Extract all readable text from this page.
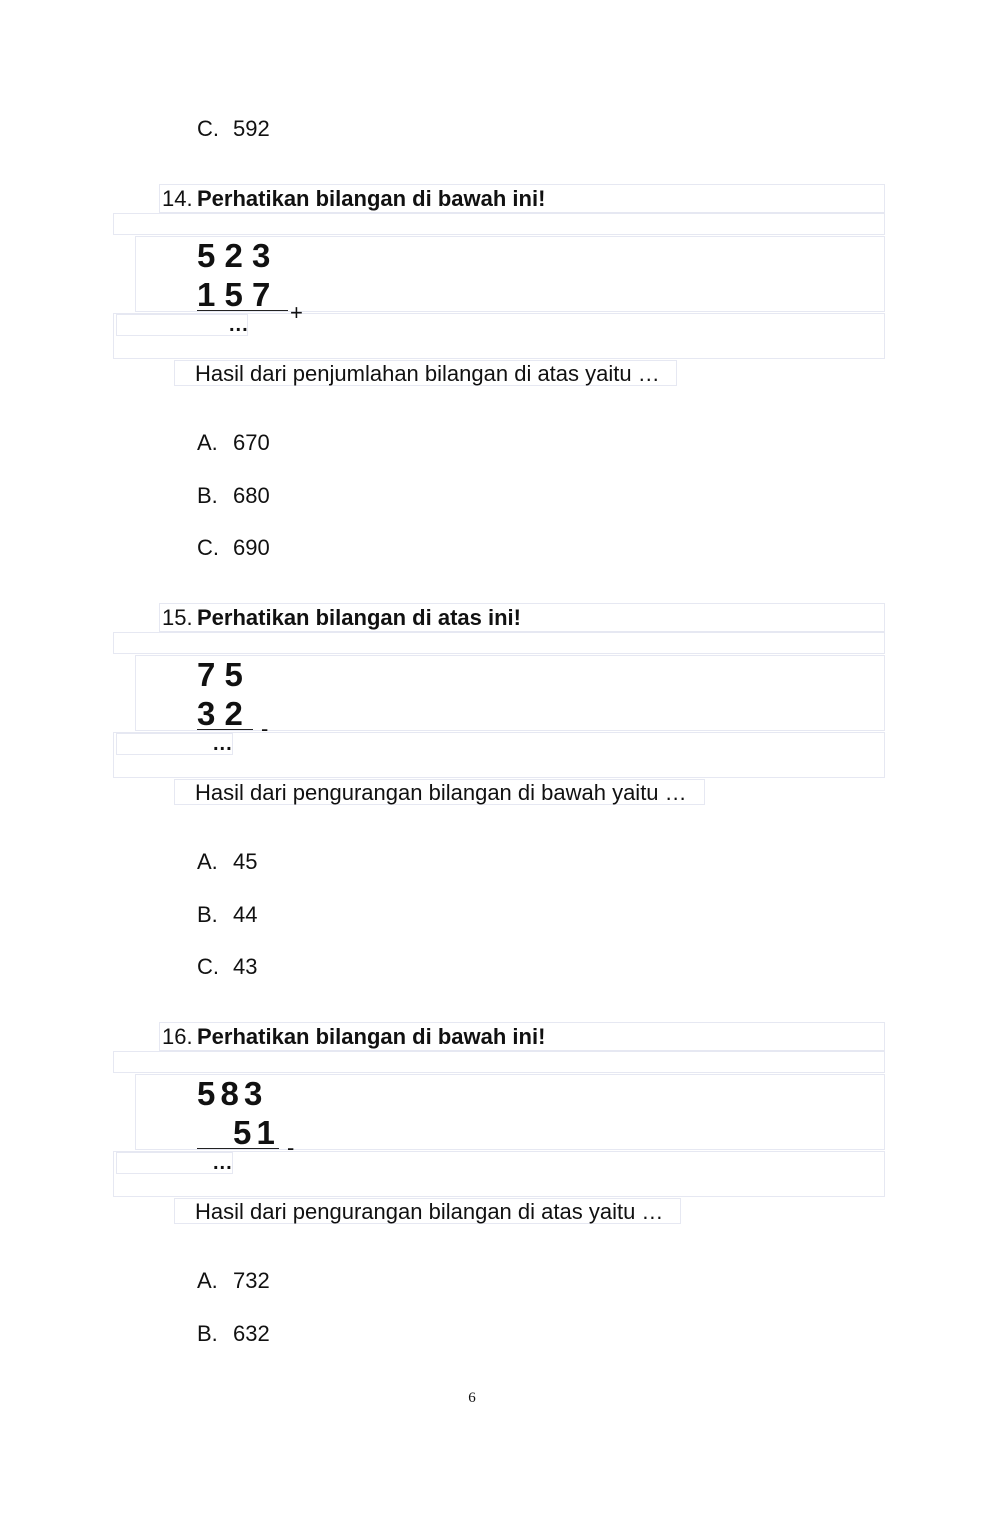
C. 592
14. Perhatikan bilangan di bawah ini!
5 2 3
1 5 7 +
...
Hasil dari penjumlahan bilangan di atas yaitu …
A. 670
B. 680
C. 690
15. Perhatikan bilangan di atas ini!
7 5
3 2 -
...
Hasil dari pengurangan bilangan di bawah yaitu …
A. 45
B. 44
C. 43
16. Perhatikan bilangan di bawah ini!
5 8 3
5 1 -
...
Hasil dari pengurangan bilangan di atas yaitu …
A. 732
B. 632
6
